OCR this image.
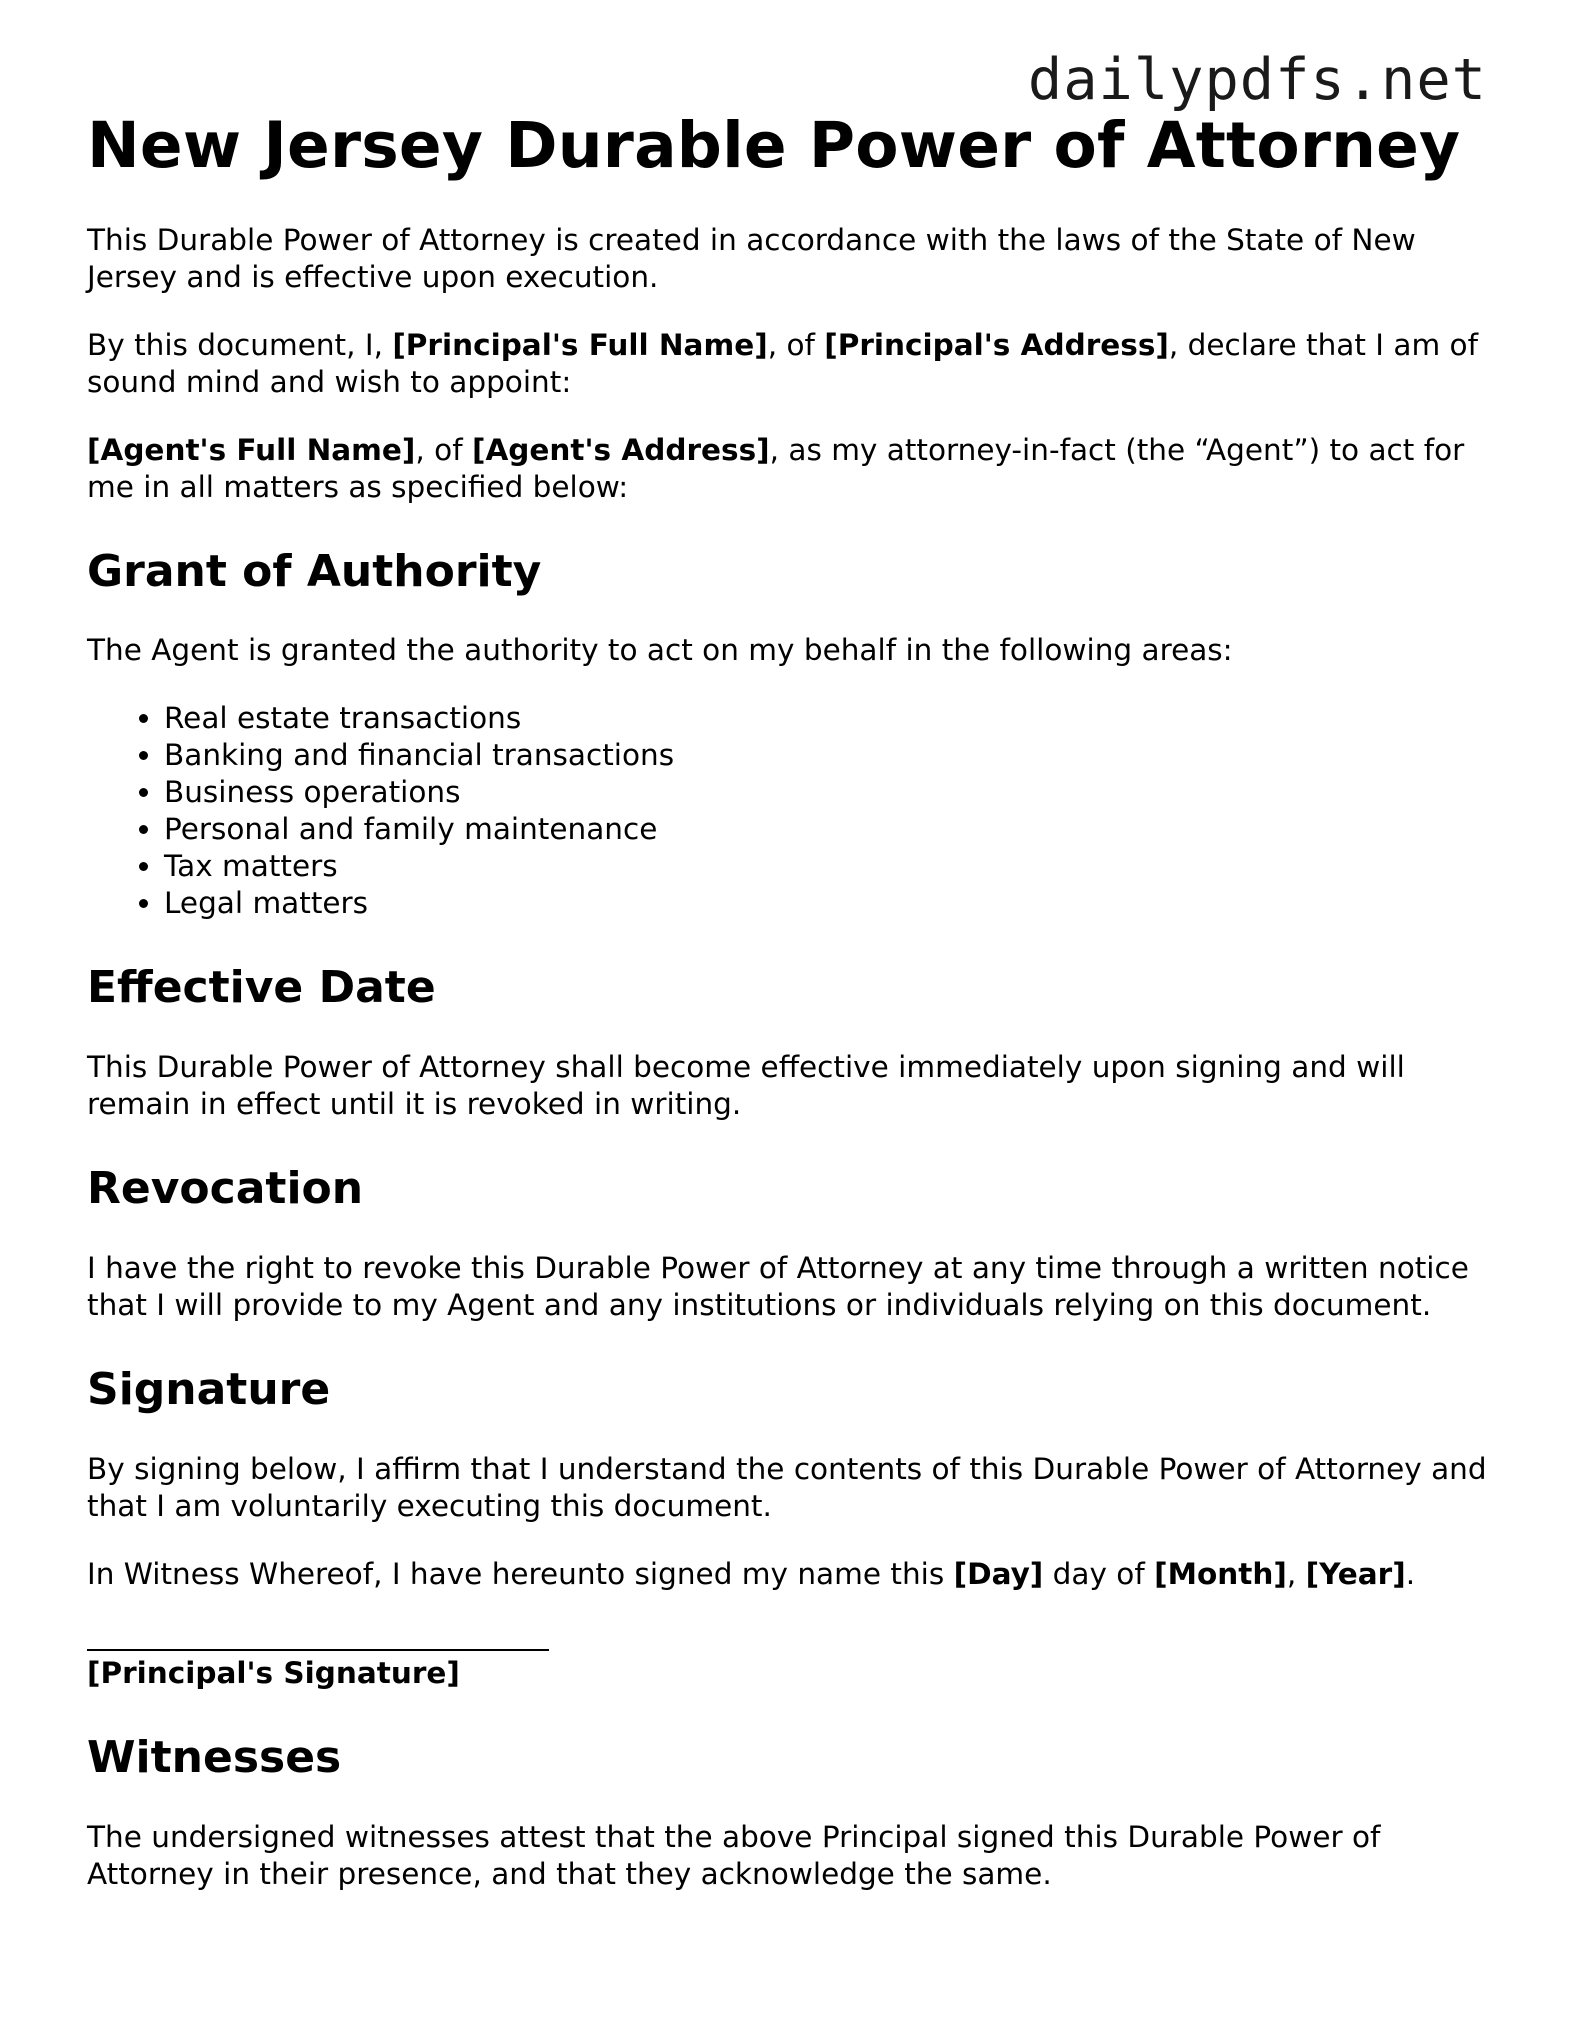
dailypdfs.net
New Jersey Durable Power of Attorney

This Durable Power of Attorney is created in accordance with the laws of the State of New Jersey and is effective upon execution.

By this document, I, [Principal's Full Name], of [Principal's Address], declare that I am of sound mind and wish to appoint:

[Agent's Full Name], of [Agent's Address], as my attorney-in-fact (the “Agent”) to act for me in all matters as specified below:

Grant of Authority

The Agent is granted the authority to act on my behalf in the following areas:

• Real estate transactions
• Banking and financial transactions
• Business operations
• Personal and family maintenance
• Tax matters
• Legal matters
Effective Date

This Durable Power of Attorney shall become effective immediately upon signing and will remain in effect until it is revoked in writing.

Revocation

I have the right to revoke this Durable Power of Attorney at any time through a written notice that I will provide to my Agent and any institutions or individuals relying on this document.

Signature

By signing below, I affirm that I understand the contents of this Durable Power of Attorney and that I am voluntarily executing this document.

In Witness Whereof, I have hereunto signed my name this [Day] day of [Month], [Year].

[Principal's Signature]
Witnesses

The undersigned witnesses attest that the above Principal signed this Durable Power of Attorney in their presence, and that they acknowledge the same.
